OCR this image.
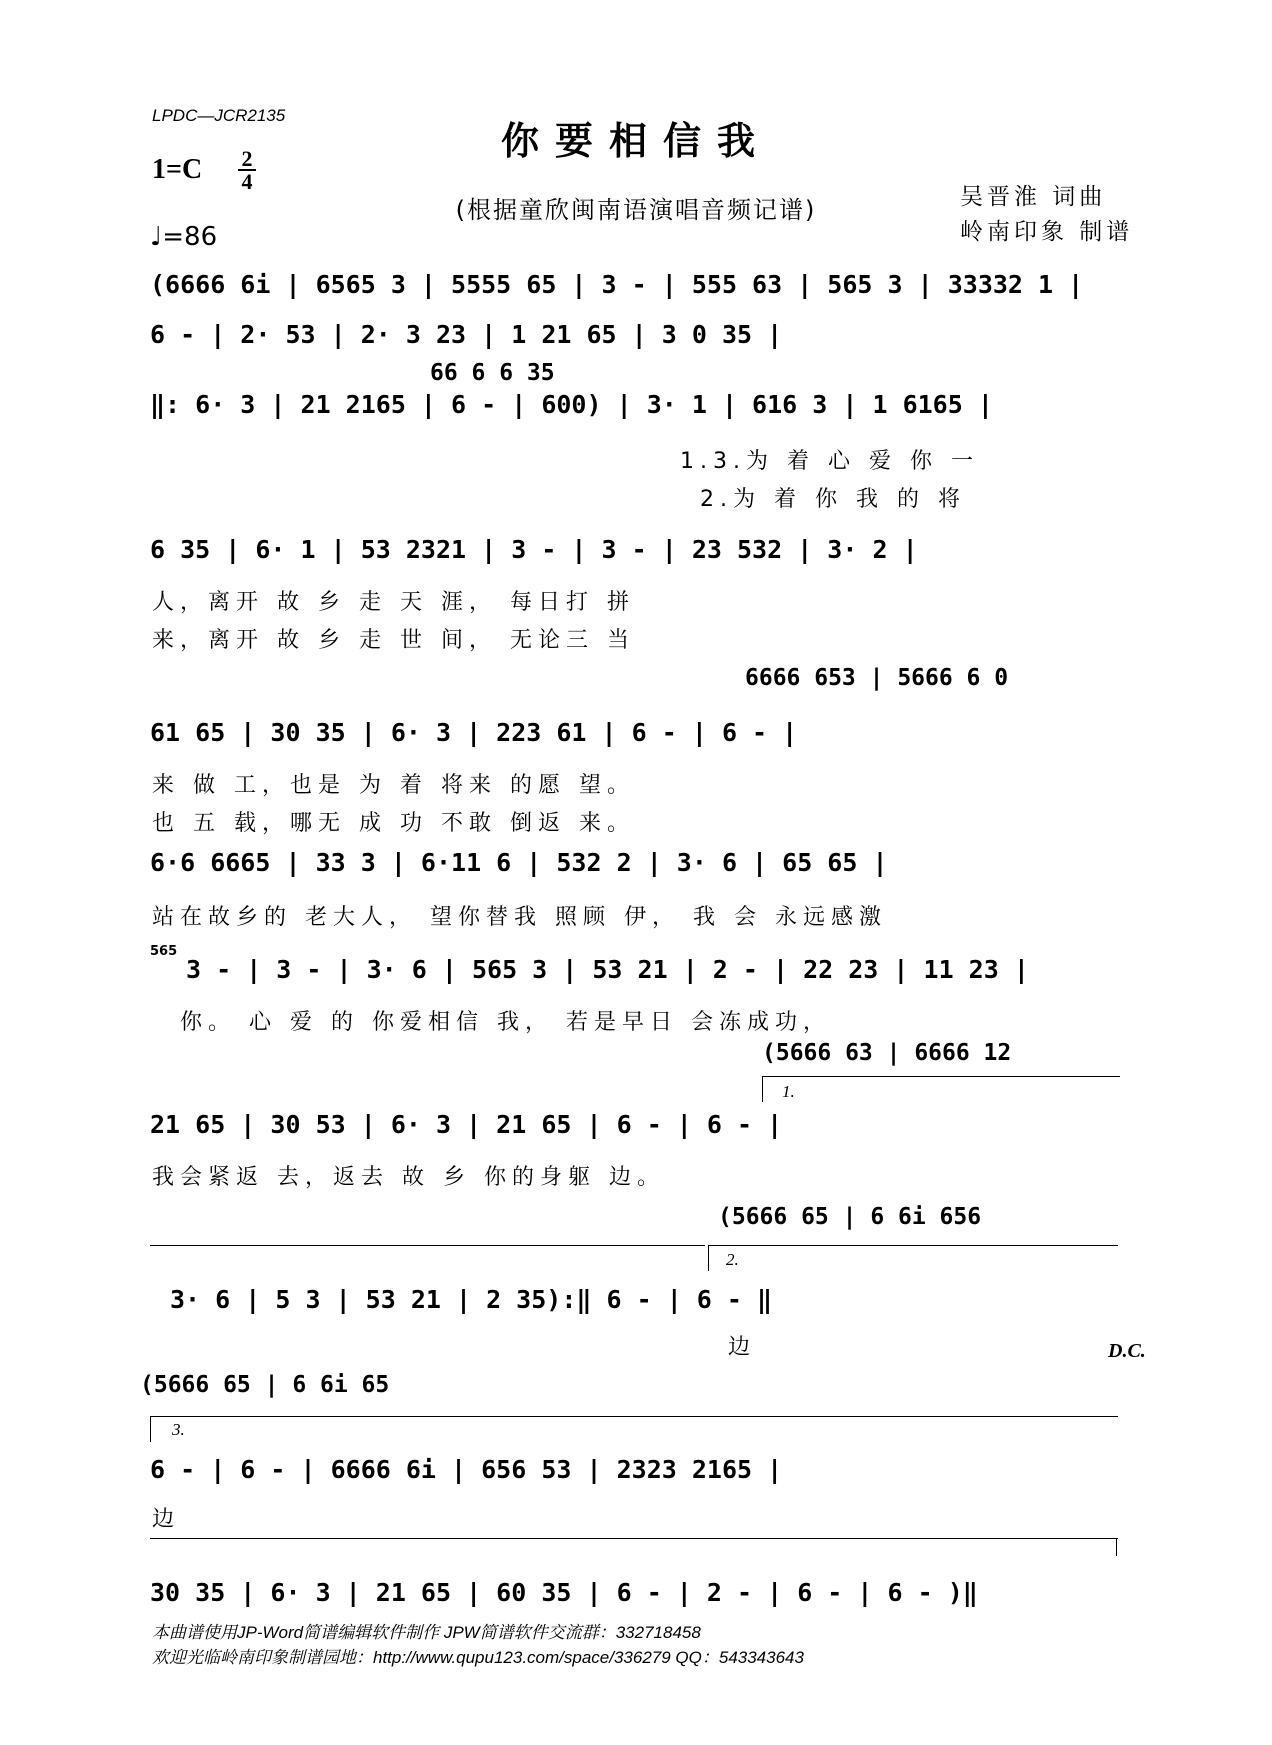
LPDC—JCR2135
你要相信我
(根据童欣闽南语演唱音频记谱)	吴晋淮 词曲
岭南印象 制谱
1=C 2
4
♩=86
(6666 6i | 6565 3 | 5555 65 | 3 - | 555 63 | 565 3 | 33332 1 |
6 - | 2· 53 | 2· 3 23 | 1 21 65 | 3 0 35 |
66 6 6 35
‖: 6· 3 | 21 2165 | 6 - | 600) | 3· 1 | 616 3 | 1 6165 |
1.3.为 着 心 爱 你 一
2.为 着 你 我 的 将
6 35 | 6· 1 | 53 2321 | 3 - | 3 - | 23 532 | 3· 2 |
人，离开 故 乡 走 天 涯， 每日打 拼
来，离开 故 乡 走 世 间， 无论三 当
6666 653 | 5666 6 0
61 65 | 30 35 | 6· 3 | 223 61 | 6 - | 6 - |
来 做 工，也是 为 着 将来 的愿 望。
也 五 载，哪无 成 功 不敢 倒返 来。
6·6 6665 | 33 3 | 6·11 6 | 532 2 | 3· 6 | 65 65 |
站在故乡的 老大人， 望你替我 照顾 伊， 我 会 永远感激
565
3 - | 3 - | 3· 6 | 565 3 | 53 21 | 2 - | 22 23 | 11 23 |
你。 心 爱 的 你爱相信 我， 若是早日 会冻成功，
(5666 63 | 6666 12
1.
21 65 | 30 53 | 6· 3 | 21 65 | 6 - | 6 - |
我会紧返 去，返去 故 乡 你的身躯 边。
(5666 65 | 6 6i 656
2.
3· 6 | 5 3 | 53 21 | 2 35):‖ 6 - | 6 - ‖
边	D.C.
(5666 65 | 6 6i 65
3.
6 - | 6 - | 6666 6i | 656 53 | 2323 2165 |
边
30 35 | 6· 3 | 21 65 | 60 35 | 6 - | 2 - | 6 - | 6 - )‖
本曲谱使用JP-Word简谱编辑软件制作 JPW简谱软件交流群：332718458
欢迎光临岭南印象制谱园地：http://www.qupu123.com/space/336279 QQ：543343643
